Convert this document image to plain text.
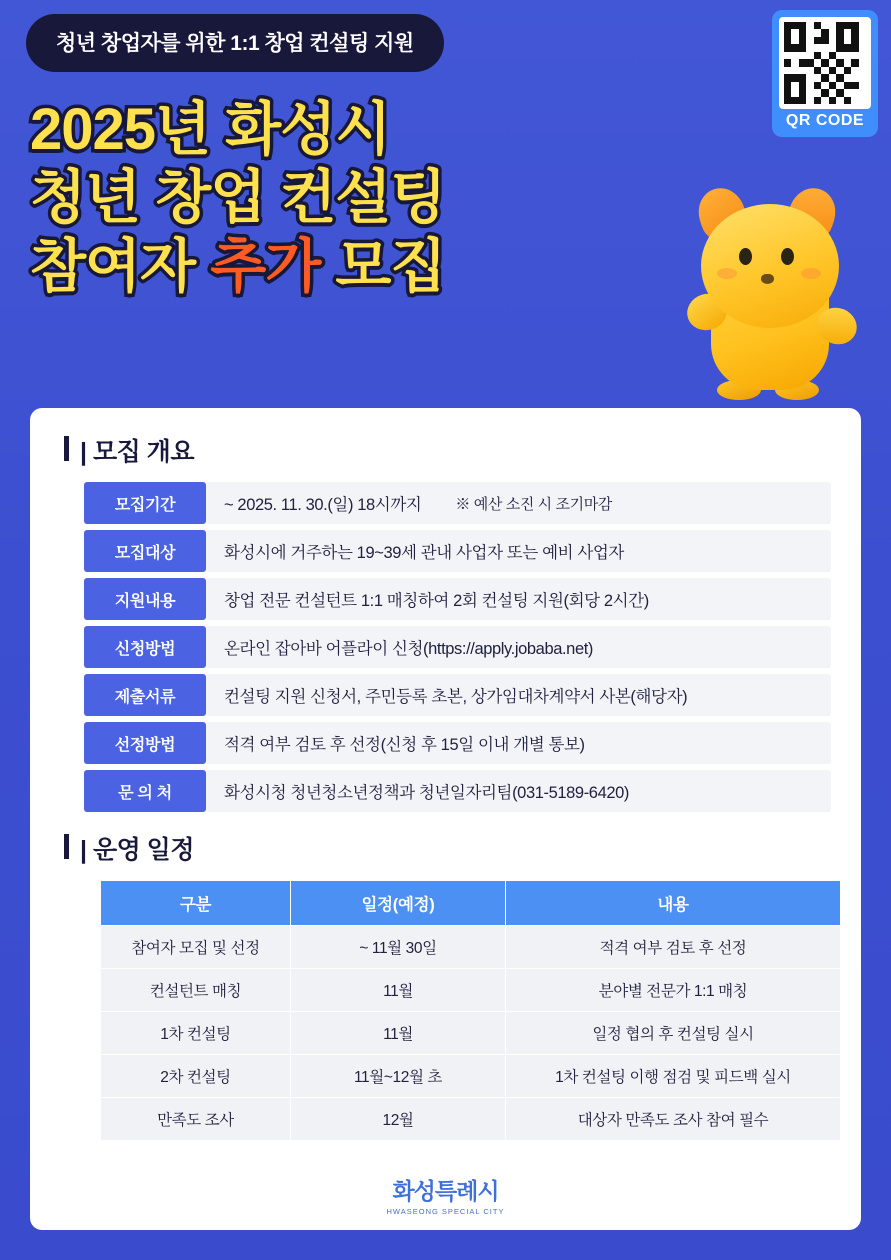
청년 창업자를 위한 1:1 창업 컨설팅 지원
QR CODE
2025년 화성시
청년 창업 컨설팅
참여자 추가 모집
| 모집 개요
모집기간	~ 2025. 11. 30.(일) 18시까지 ※ 예산 소진 시 조기마감
모집대상	화성시에 거주하는 19~39세 관내 사업자 또는 예비 사업자
지원내용	창업 전문 컨설턴트 1:1 매칭하여 2회 컨설팅 지원(회당 2시간)
신청방법	온라인 잡아바 어플라이 신청(https://apply.jobaba.net)
제출서류	컨설팅 지원 신청서, 주민등록 초본, 상가임대차계약서 사본(해당자)
선정방법	적격 여부 검토 후 선정(신청 후 15일 이내 개별 통보)
문 의 처	화성시청 청년청소년정책과 청년일자리팀(031-5189-6420)
| 운영 일정
구분	일정(예정)	내용
참여자 모집 및 선정	~ 11월 30일	적격 여부 검토 후 선정
컨설턴트 매칭	11월	분야별 전문가 1:1 매칭
1차 컨설팅	11월	일정 협의 후 컨설팅 실시
2차 컨설팅	11월~12월 초	1차 컨설팅 이행 점검 및 피드백 실시
만족도 조사	12월	대상자 만족도 조사 참여 필수
화성특례시
HWASEONG SPECIAL CITY
